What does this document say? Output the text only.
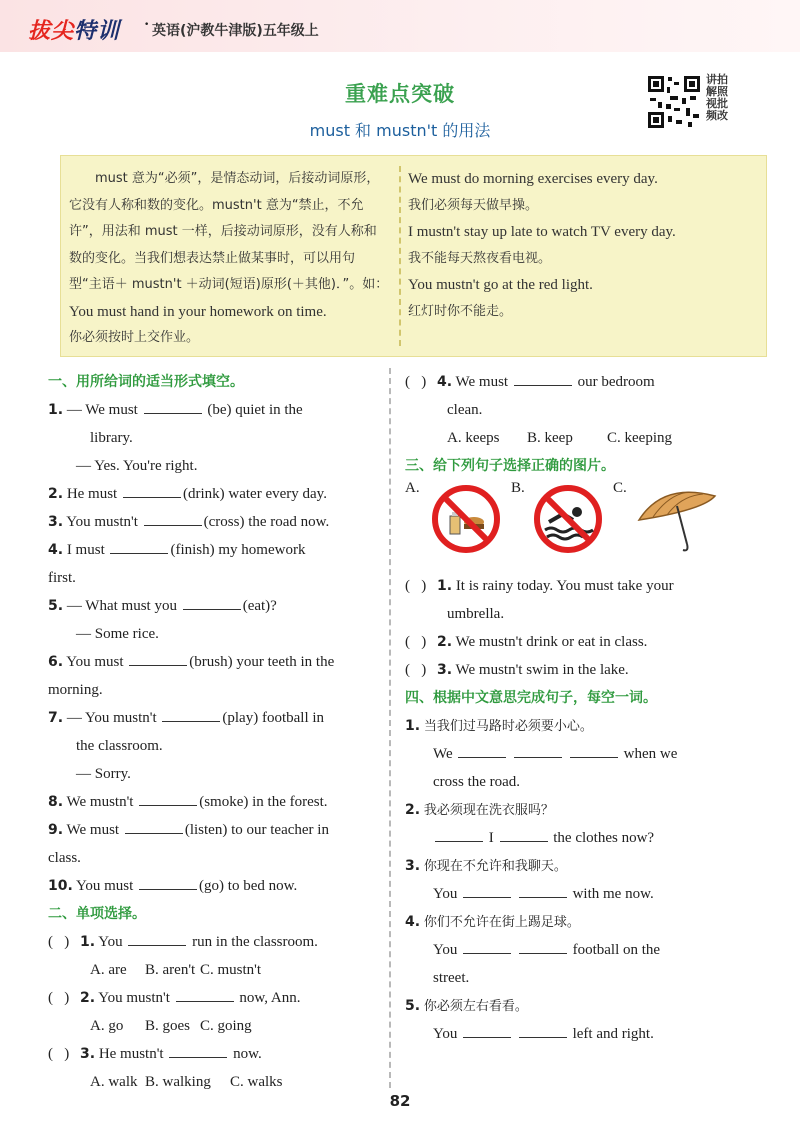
拔尖特训 · 英语(沪教牛津版)五年级上
重难点突破
must 和 mustn't 的用法
讲拍
解照
视批
频改
　　must 意为“必须”，是情态动词，后接动词原形，
它没有人称和数的变化。mustn't 意为“禁止，不允
许”，用法和 must 一样，后接动词原形，没有人称和
数的变化。当我们想表达禁止做某事时，可以用句
型“主语＋ mustn't ＋动词(短语)原形(＋其他)．”。如：
You must hand in your homework on time.
你必须按时上交作业。
We must do morning exercises every day.
我们必须每天做早操。
I mustn't stay up late to watch TV every day.
我不能每天熬夜看电视。
You mustn't go at the red light.
红灯时你不能走。
一、用所给词的适当形式填空。
1. — We must	(be) quiet in the
library.
— Yes. You're right.
2. He must	(drink) water every day.
3. You mustn't	(cross) the road now.
4. I must	(finish) my homework
first.
5. — What must you	(eat)?
— Some rice.
6. You must	(brush) your teeth in the
morning.
7. — You mustn't	(play) football in
the classroom.
— Sorry.
8. We mustn't	(smoke) in the forest.
9. We must	(listen) to our teacher in
class.
10. You must	(go) to bed now.
二、单项选择。
( ) 1. You	run in the classroom.
A. are B. aren't C. mustn't
( ) 2. You mustn't	now, Ann.
A. go B. goes C. going
( ) 3. He mustn't	now.
A. walk B. walking C. walks
( ) 4. We must	our bedroom
clean.
A. keeps B. keep C. keeping
三、给下列句子选择正确的图片。
A.	B.	C.
( ) 1. It is rainy today. You must take your
umbrella.
( ) 2. We mustn't drink or eat in class.
( ) 3. We mustn't swim in the lake.
四、根据中文意思完成句子，每空一词。
1. 当我们过马路时必须要小心。
We	when we
cross the road.
2. 我必须现在洗衣服吗？
I	the clothes now?
3. 你现在不允许和我聊天。
You	with me now.
4. 你们不允许在街上踢足球。
You	football on the
street.
5. 你必须左右看看。
You	left and right.
82
